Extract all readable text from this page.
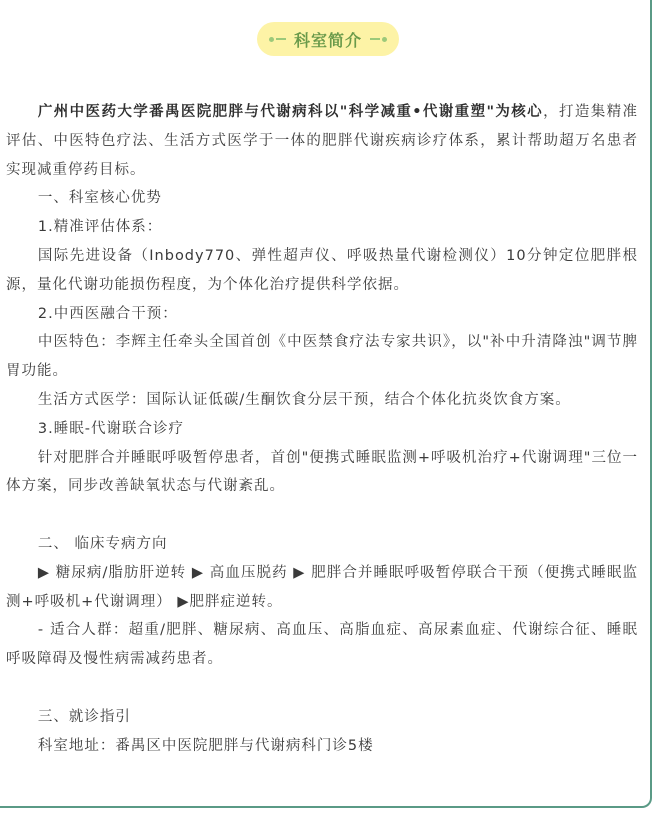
科室简介

广州中医药大学番禺医院肥胖与代谢病科以"科学减重•代谢重塑"为核心，打造集精准评估、中医特色疗法、生活方式医学于一体的肥胖代谢疾病诊疗体系，累计帮助超万名患者实现减重停药目标。

一、科室核心优势

1.精准评估体系：

国际先进设备（Inbody770、弹性超声仪、呼吸热量代谢检测仪）10分钟定位肥胖根源，量化代谢功能损伤程度，为个体化治疗提供科学依据。

2.中西医融合干预：

中医特色：李辉主任牵头全国首创《中医禁食疗法专家共识》，以"补中升清降浊"调节脾胃功能。

生活方式医学：国际认证低碳/生酮饮食分层干预，结合个体化抗炎饮食方案。

3.睡眠-代谢联合诊疗

针对肥胖合并睡眠呼吸暂停患者，首创"便携式睡眠监测+呼吸机治疗+代谢调理"三位一体方案，同步改善缺氧状态与代谢紊乱。

二、 临床专病方向

▶ 糖尿病/脂肪肝逆转 ▶ 高血压脱药 ▶ 肥胖合并睡眠呼吸暂停联合干预（便携式睡眠监测+呼吸机+代谢调理） ▶肥胖症逆转。

- 适合人群：超重/肥胖、糖尿病、高血压、高脂血症、高尿素血症、代谢综合征、睡眠呼吸障碍及慢性病需减药患者。

三、就诊指引

科室地址：番禺区中医院肥胖与代谢病科门诊5楼
